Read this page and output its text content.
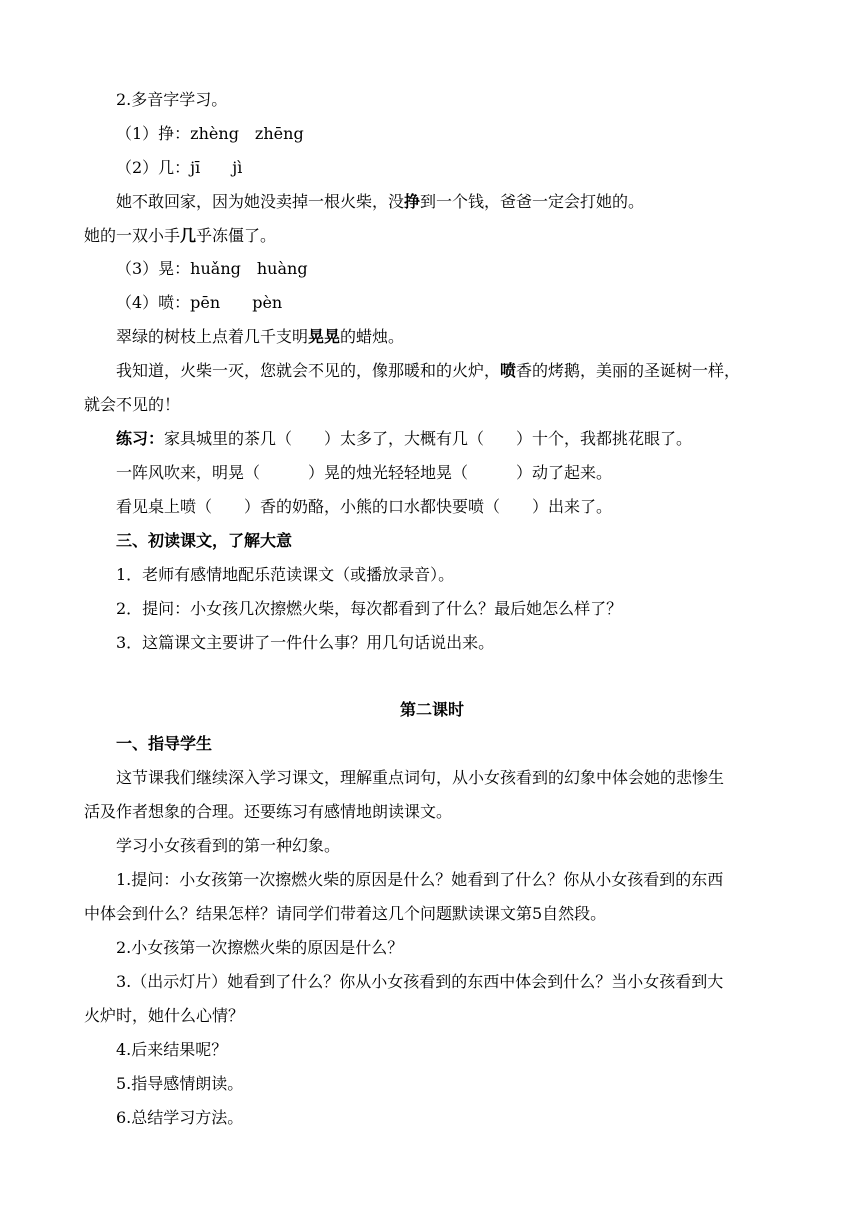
2.多音字学习。
（1）挣：zhèng　zhēng
（2）几：jī　　jì
她不敢回家，因为她没卖掉一根火柴，没挣到一个钱，爸爸一定会打她的。
她的一双小手几乎冻僵了。
（3）晃：huǎng　huàng
（4）喷：pēn　　pèn
翠绿的树枝上点着几千支明晃晃的蜡烛。
我知道，火柴一灭，您就会不见的，像那暖和的火炉，喷香的烤鹅，美丽的圣诞树一样，
就会不见的！
练习：家具城里的茶几（　　）太多了，大概有几（　　）十个，我都挑花眼了。
一阵风吹来，明晃（　　　）晃的烛光轻轻地晃（　　　）动了起来。
看见桌上喷（　　）香的奶酪，小熊的口水都快要喷（　　）出来了。
三、初读课文，了解大意
1．老师有感情地配乐范读课文（或播放录音）。
2．提问：小女孩几次擦燃火柴，每次都看到了什么？最后她怎么样了？
3．这篇课文主要讲了一件什么事？用几句话说出来。
第二课时
一、指导学生
这节课我们继续深入学习课文，理解重点词句，从小女孩看到的幻象中体会她的悲惨生
活及作者想象的合理。还要练习有感情地朗读课文。
学习小女孩看到的第一种幻象。
1.提问：小女孩第一次擦燃火柴的原因是什么？她看到了什么？你从小女孩看到的东西
中体会到什么？结果怎样？请同学们带着这几个问题默读课文第5自然段。
2.小女孩第一次擦燃火柴的原因是什么？
3.（出示灯片）她看到了什么？你从小女孩看到的东西中体会到什么？当小女孩看到大
火炉时，她什么心情？
4.后来结果呢？
5.指导感情朗读。
6.总结学习方法。
